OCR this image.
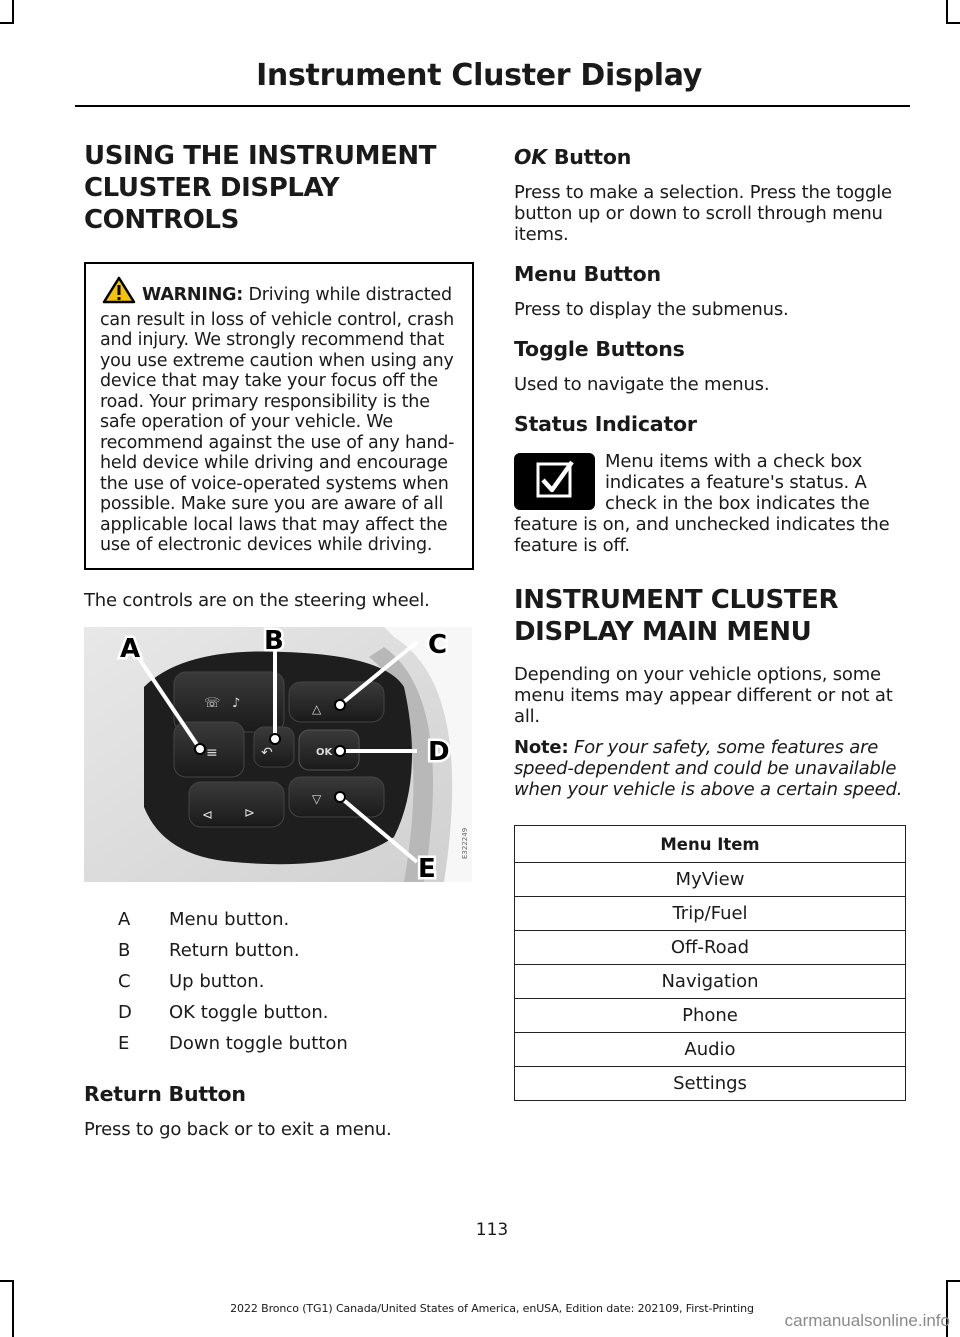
Instrument Cluster Display
USING THE INSTRUMENT
CLUSTER DISPLAY CONTROLS
WARNING: Driving while distracted can result in loss of vehicle control, crash and injury. We strongly recommend that you use extreme caution when using any device that may take your focus off the road. Your primary responsibility is the safe operation of your vehicle. We recommend against the use of any hand-held device while driving and encourage the use of voice-operated systems when possible. Make sure you are aware of all applicable local laws that may affect the use of electronic devices while driving.

The controls are on the steering wheel.

OK
△
▽
⊲ ⊳
☏ ♪
≡	↶
A	B	C
D
E
E322249
A	Menu button.
B	Return button.
C	Up button.
D	OK toggle button.
E	Down toggle button
Return Button

Press to go back or to exit a menu.

OK Button

Press to make a selection. Press the toggle button up or down to scroll through menu items.

Menu Button

Press to display the submenus.

Toggle Buttons

Used to navigate the menus.

Status Indicator

Menu items with a check box indicates a feature's status. A check in the box indicates the feature is on, and unchecked indicates the feature is off.

INSTRUMENT CLUSTER
DISPLAY MAIN MENU

Depending on your vehicle options, some menu items may appear different or not at all.

Note: For your safety, some features are speed-dependent and could be unavailable when your vehicle is above a certain speed.

Menu Item
MyView
Trip/Fuel
Off-Road
Navigation
Phone
Audio
Settings
113
2022 Bronco (TG1) Canada/United States of America, enUSA, Edition date: 202109, First-Printing
carmanualsonline.info
